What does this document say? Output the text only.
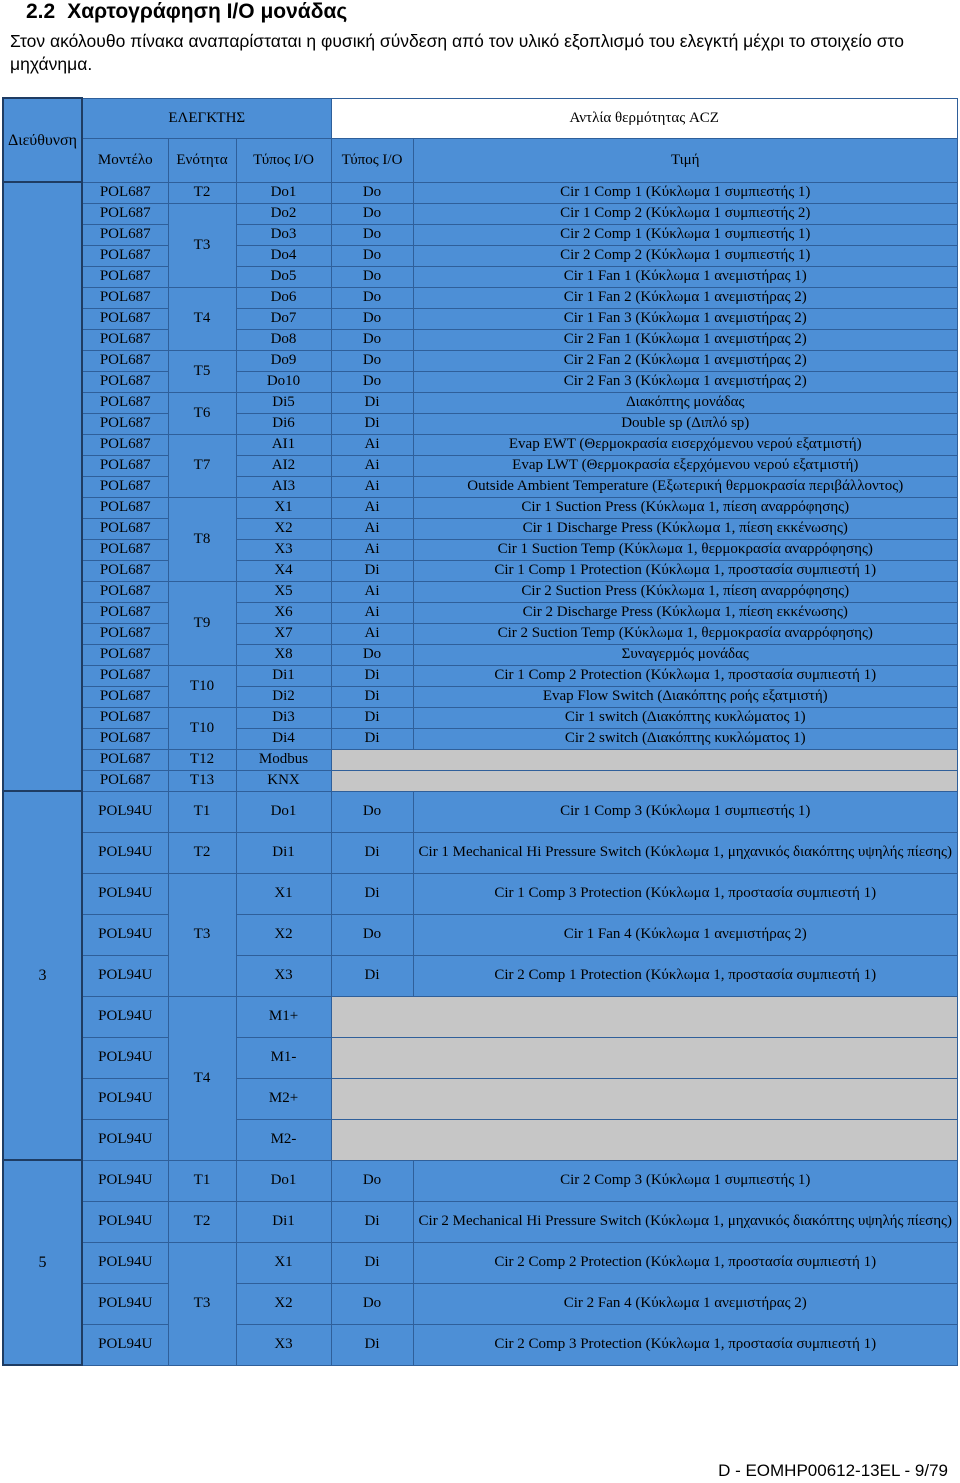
2.2 Χαρτογράφηση I/O μονάδας
Στον ακόλουθο πίνακα αναπαρίσταται η φυσική σύνδεση από τον υλικό εξοπλισμό του ελεγκτή μέχρι το στοιχείο στο μηχάνημα.
Διεύθυνση	ΕΛΕΓΚΤΗΣ			Αντλία θερμότητας ACZ	
	Μοντέλο	Ενότητα	Τύπος I/O	Τύπος I/O	Τιμή
	POL687	T2	Do1	Do	Cir 1 Comp 1 (Κύκλωμα 1 συμπιεστής 1)
	POL687	T3	Do2	Do	Cir 1 Comp 2 (Κύκλωμα 1 συμπιεστής 2)
	POL687		Do3	Do	Cir 2 Comp 1 (Κύκλωμα 1 συμπιεστής 1)
	POL687		Do4	Do	Cir 2 Comp 2 (Κύκλωμα 1 συμπιεστής 1)
	POL687		Do5	Do	Cir 1 Fan 1 (Κύκλωμα 1 ανεμιστήρας 1)
	POL687	T4	Do6	Do	Cir 1 Fan 2 (Κύκλωμα 1 ανεμιστήρας 2)
	POL687		Do7	Do	Cir 1 Fan 3 (Κύκλωμα 1 ανεμιστήρας 2)
	POL687		Do8	Do	Cir 2 Fan 1 (Κύκλωμα 1 ανεμιστήρας 2)
	POL687	T5	Do9	Do	Cir 2 Fan 2 (Κύκλωμα 1 ανεμιστήρας 2)
	POL687		Do10	Do	Cir 2 Fan 3 (Κύκλωμα 1 ανεμιστήρας 2)
	POL687	T6	Di5	Di	Διακόπτης μονάδας
	POL687		Di6	Di	Double sp (Διπλό sp)
	POL687	T7	AI1	Ai	Evap EWT (Θερμοκρασία εισερχόμενου νερού εξατμιστή)
	POL687		AI2	Ai	Evap LWT (Θερμοκρασία εξερχόμενου νερού εξατμιστή)
	POL687		AI3	Ai	Outside Ambient Temperature (Εξωτερική θερμοκρασία περιβάλλοντος)
	POL687	T8	X1	Ai	Cir 1 Suction Press (Κύκλωμα 1, πίεση αναρρόφησης)
	POL687		X2	Ai	Cir 1 Discharge Press (Κύκλωμα 1, πίεση εκκένωσης)
	POL687		X3	Ai	Cir 1 Suction Temp (Κύκλωμα 1, θερμοκρασία αναρρόφησης)
	POL687		X4	Di	Cir 1 Comp 1 Protection (Κύκλωμα 1, προστασία συμπιεστή 1)
	POL687	T9	X5	Ai	Cir 2 Suction Press (Κύκλωμα 1, πίεση αναρρόφησης)
	POL687		X6	Ai	Cir 2 Discharge Press (Κύκλωμα 1, πίεση εκκένωσης)
	POL687		X7	Ai	Cir 2 Suction Temp (Κύκλωμα 1, θερμοκρασία αναρρόφησης)
	POL687		X8	Do	Συναγερμός μονάδας
	POL687	T10	Di1	Di	Cir 1 Comp 2 Protection (Κύκλωμα 1, προστασία συμπιεστή 1)
	POL687		Di2	Di	Evap Flow Switch (Διακόπτης ροής εξατμιστή)
	POL687	T10	Di3	Di	Cir 1 switch (Διακόπτης κυκλώματος 1)
	POL687		Di4	Di	Cir 2 switch (Διακόπτης κυκλώματος 1)
	POL687	T12	Modbus		
	POL687	T13	KNX		
3	POL94U	T1	Do1	Do	Cir 1 Comp 3 (Κύκλωμα 1 συμπιεστής 1)
	POL94U	T2	Di1	Di	Cir 1 Mechanical Hi Pressure Switch (Κύκλωμα 1, μηχανικός διακόπτης υψηλής πίεσης)
	POL94U	T3	X1	Di	Cir 1 Comp 3 Protection (Κύκλωμα 1, προστασία συμπιεστή 1)
	POL94U		X2	Do	Cir 1 Fan 4 (Κύκλωμα 1 ανεμιστήρας 2)
	POL94U		X3	Di	Cir 2 Comp 1 Protection (Κύκλωμα 1, προστασία συμπιεστή 1)
	POL94U	T4	M1+		
	POL94U		M1-		
	POL94U		M2+		
	POL94U		M2-		
5	POL94U	T1	Do1	Do	Cir 2 Comp 3 (Κύκλωμα 1 συμπιεστής 1)
	POL94U	T2	Di1	Di	Cir 2 Mechanical Hi Pressure Switch (Κύκλωμα 1, μηχανικός διακόπτης υψηλής πίεσης)
	POL94U	T3	X1	Di	Cir 2 Comp 2 Protection (Κύκλωμα 1, προστασία συμπιεστή 1)
	POL94U		X2	Do	Cir 2 Fan 4 (Κύκλωμα 1 ανεμιστήρας 2)
	POL94U		X3	Di	Cir 2 Comp 3 Protection (Κύκλωμα 1, προστασία συμπιεστή 1)
D - EOMHP00612-13EL - 9/79
